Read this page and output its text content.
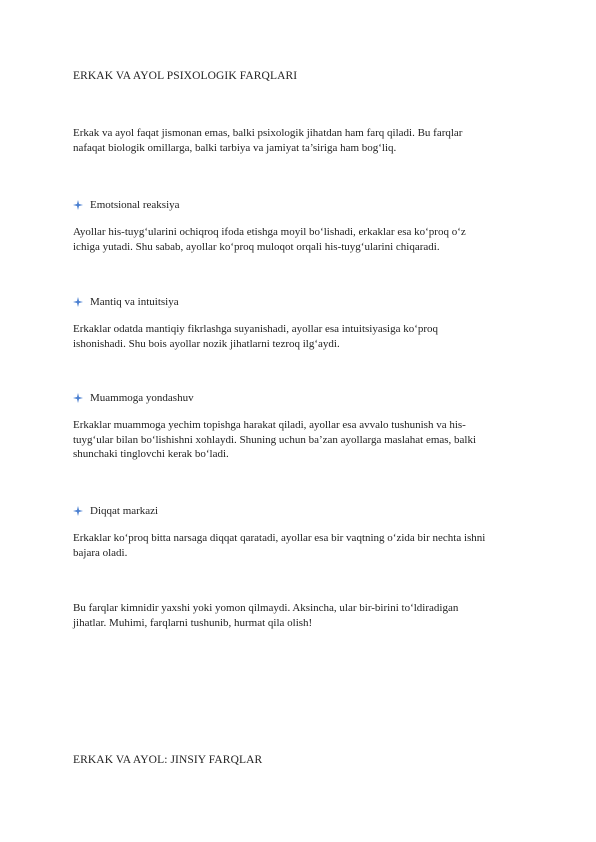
ERKAK VA AYOL PSIXOLOGIK FARQLARI
Erkak va ayol faqat jismonan emas, balki psixologik jihatdan ham farq qiladi. Bu farqlar
nafaqat biologik omillarga, balki tarbiya va jamiyat ta’siriga ham bog‘liq.
Emotsional reaksiya
Ayollar his-tuyg‘ularini ochiqroq ifoda etishga moyil bo‘lishadi, erkaklar esa ko‘proq o‘z
ichiga yutadi. Shu sabab, ayollar ko‘proq muloqot orqali his-tuyg‘ularini chiqaradi.
Mantiq va intuitsiya
Erkaklar odatda mantiqiy fikrlashga suyanishadi, ayollar esa intuitsiyasiga ko‘proq
ishonishadi. Shu bois ayollar nozik jihatlarni tezroq ilg‘aydi.
Muammoga yondashuv
Erkaklar muammoga yechim topishga harakat qiladi, ayollar esa avvalo tushunish va his-
tuyg‘ular bilan bo‘lishishni xohlaydi. Shuning uchun ba’zan ayollarga maslahat emas, balki
shunchaki tinglovchi kerak bo‘ladi.
Diqqat markazi
Erkaklar ko‘proq bitta narsaga diqqat qaratadi, ayollar esa bir vaqtning o‘zida bir nechta ishni
bajara oladi.
Bu farqlar kimnidir yaxshi yoki yomon qilmaydi. Aksincha, ular bir-birini to‘ldiradigan
jihatlar. Muhimi, farqlarni tushunib, hurmat qila olish!
ERKAK VA AYOL: JINSIY FARQLAR
